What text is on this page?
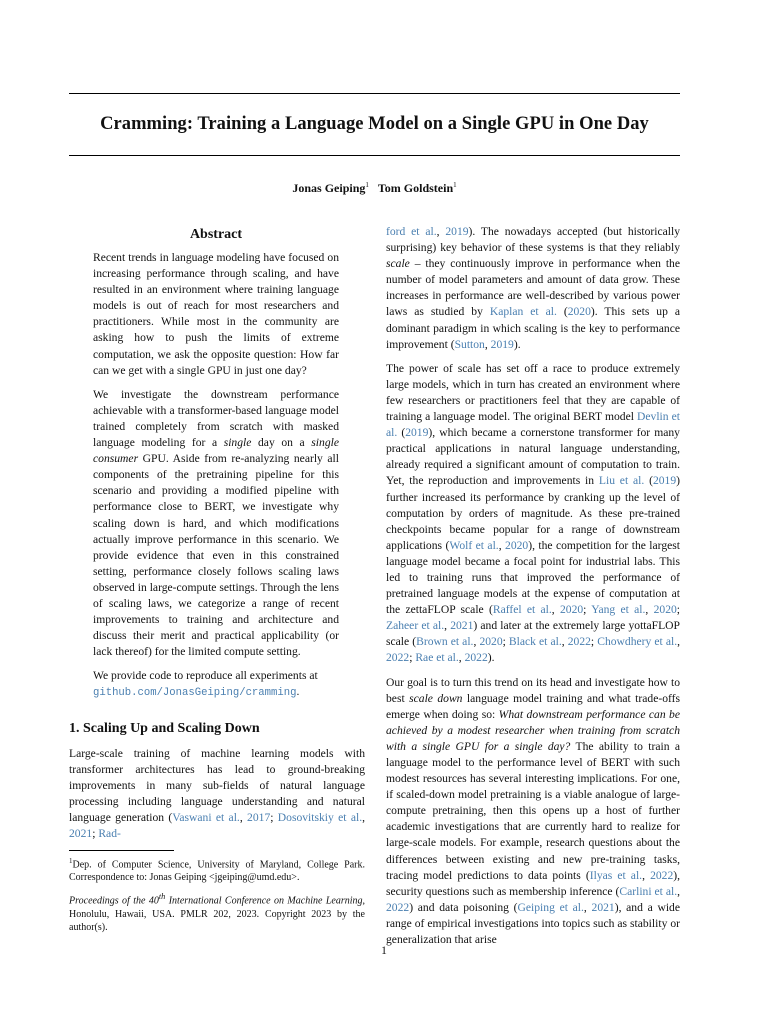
Cramming: Training a Language Model on a Single GPU in One Day
Jonas Geiping$^1$ Tom Goldstein$^1$
Abstract

Recent trends in language modeling have focused on increasing performance through scaling, and have resulted in an environment where training language models is out of reach for most researchers and practitioners. While most in the community are asking how to push the limits of extreme computation, we ask the opposite question: How far can we get with a single GPU in just one day?

We investigate the downstream performance achievable with a transformer-based language model trained completely from scratch with masked language modeling for a single day on a single consumer GPU. Aside from re-analyzing nearly all components of the pretraining pipeline for this scenario and providing a modified pipeline with performance close to BERT, we investigate why scaling down is hard, and which modifications actually improve performance in this scenario. We provide evidence that even in this constrained setting, performance closely follows scaling laws observed in large-compute settings. Through the lens of scaling laws, we categorize a range of recent improvements to training and architecture and discuss their merit and practical applicability (or lack thereof) for the limited compute setting.

We provide code to reproduce all experiments at github.com/JonasGeiping/cramming.

1. Scaling Up and Scaling Down

Large-scale training of machine learning models with transformer architectures has lead to ground-breaking improvements in many sub-fields of natural language processing including language understanding and natural language generation (Vaswani et al., 2017; Dosovitskiy et al., 2021; Rad-

$^1$Dep. of Computer Science, University of Maryland, College Park. Correspondence to: Jonas Geiping <jgeiping@umd.edu>.

Proceedings of the 40th International Conference on Machine Learning, Honolulu, Hawaii, USA. PMLR 202, 2023. Copyright 2023 by the author(s).

ford et al., 2019). The nowadays accepted (but historically surprising) key behavior of these systems is that they reliably scale – they continuously improve in performance when the number of model parameters and amount of data grow. These increases in performance are well-described by various power laws as studied by Kaplan et al. (2020). This sets up a dominant paradigm in which scaling is the key to performance improvement (Sutton, 2019).

The power of scale has set off a race to produce extremely large models, which in turn has created an environment where few researchers or practitioners feel that they are capable of training a language model. The original BERT model Devlin et al. (2019), which became a cornerstone transformer for many practical applications in natural language understanding, already required a significant amount of computation to train. Yet, the reproduction and improvements in Liu et al. (2019) further increased its performance by cranking up the level of computation by orders of magnitude. As these pre-trained checkpoints became popular for a range of downstream applications (Wolf et al., 2020), the competition for the largest language model became a focal point for industrial labs. This led to training runs that improved the performance of pretrained language models at the expense of computation at the zettaFLOP scale (Raffel et al., 2020; Yang et al., 2020; Zaheer et al., 2021) and later at the extremely large yottaFLOP scale (Brown et al., 2020; Black et al., 2022; Chowdhery et al., 2022; Rae et al., 2022).

Our goal is to turn this trend on its head and investigate how to best scale down language model training and what trade-offs emerge when doing so: What downstream performance can be achieved by a modest researcher when training from scratch with a single GPU for a single day? The ability to train a language model to the performance level of BERT with such modest resources has several interesting implications. For one, if scaled-down model pretraining is a viable analogue of large-compute pretraining, then this opens up a host of further academic investigations that are currently hard to realize for large-scale models. For example, research questions about the differences between existing and new pre-training tasks, tracing model predictions to data points (Ilyas et al., 2022), security questions such as membership inference (Carlini et al., 2022) and data poisoning (Geiping et al., 2021), and a wide range of empirical investigations into topics such as stability or generalization that arise

1
